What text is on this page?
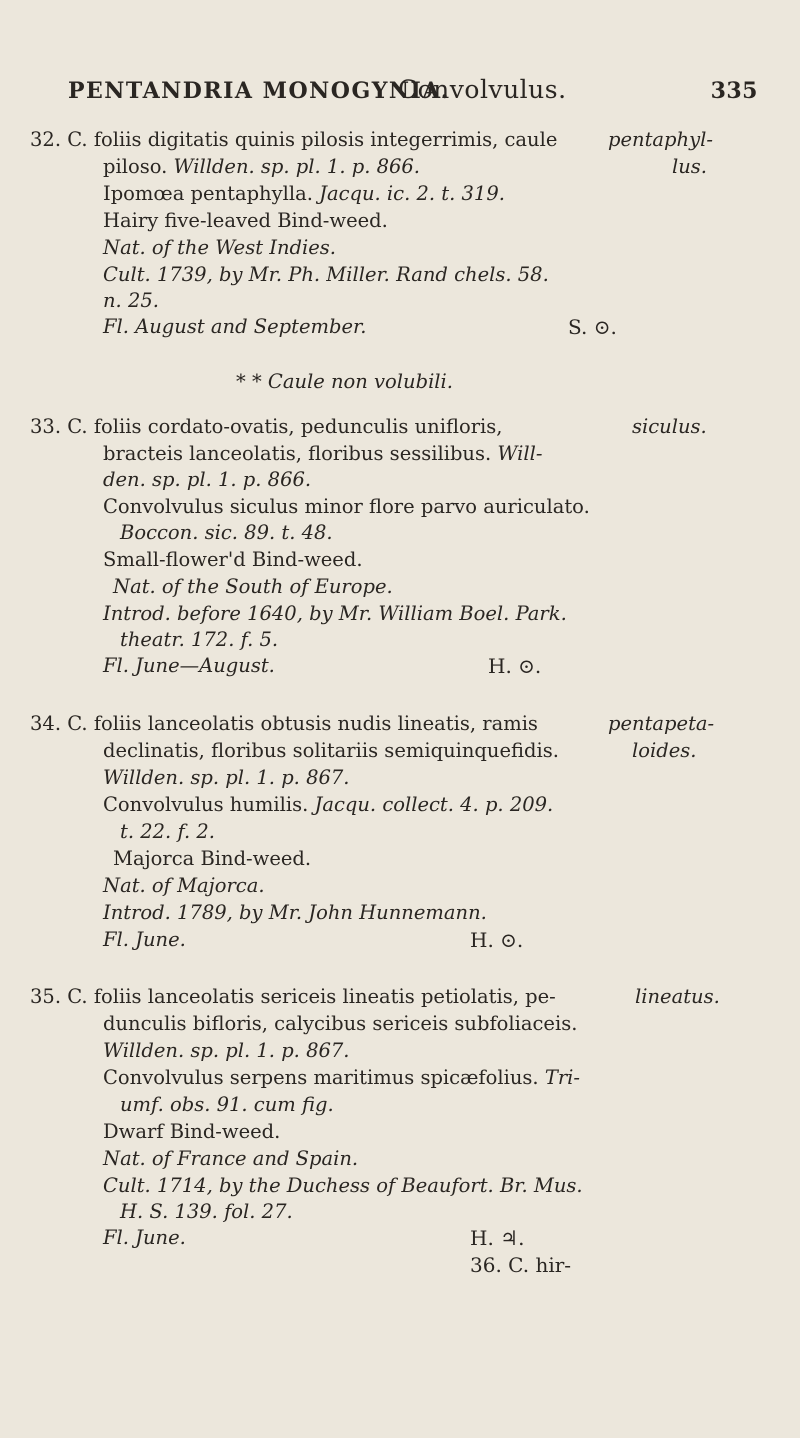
PENTANDRIA MONOGYNIA.
Convolvulus.	335
32. C. foliis digitatis quinis pilosis integerrimis, caule
piloso. Willden. sp. pl. 1. p. 866.
Ipomœa pentaphylla. Jacqu. ic. 2. t. 319.
Hairy five-leaved Bind-weed.
Nat. of the West Indies.
Cult. 1739, by Mr. Ph. Miller. Rand chels. 58.
n. 25.
Fl. August and September.	S. ⊙.
pentaphyl-
lus.
* * Caule non volubili.
33. C. foliis cordato-ovatis, pedunculis unifloris,
bracteis lanceolatis, floribus sessilibus. Will-
den. sp. pl. 1. p. 866.
Convolvulus siculus minor flore parvo auriculato.
Boccon. sic. 89. t. 48.
Small-flower'd Bind-weed.
Nat. of the South of Europe.
Introd. before 1640, by Mr. William Boel. Park.
theatr. 172. f. 5.
Fl. June—August.	H. ⊙.
siculus.
34. C. foliis lanceolatis obtusis nudis lineatis, ramis
declinatis, floribus solitariis semiquinquefidis.
Willden. sp. pl. 1. p. 867.
Convolvulus humilis. Jacqu. collect. 4. p. 209.
t. 22. f. 2.
Majorca Bind-weed.
Nat. of Majorca.
Introd. 1789, by Mr. John Hunnemann.
Fl. June.	H. ⊙.
pentapeta-
loides.
35. C. foliis lanceolatis sericeis lineatis petiolatis, pe-
dunculis bifloris, calycibus sericeis subfoliaceis.
Willden. sp. pl. 1. p. 867.
Convolvulus serpens maritimus spicæfolius. Tri-
umf. obs. 91. cum fig.
Dwarf Bind-weed.
Nat. of France and Spain.
Cult. 1714, by the Duchess of Beaufort. Br. Mus.
H. S. 139. fol. 27.
Fl. June.	H. ♃.
lineatus.
36. C. hir-
